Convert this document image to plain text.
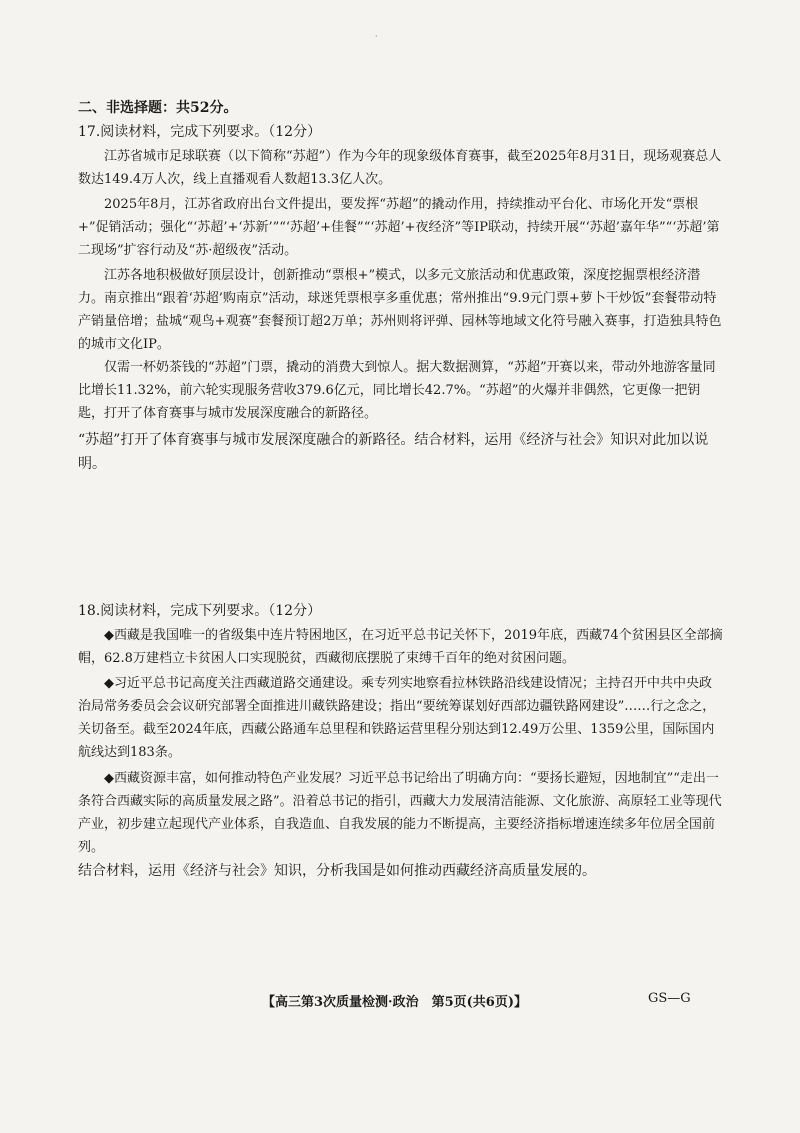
·
二、非选择题：共52分。
17.阅读材料，完成下列要求。（12分）

江苏省城市足球联赛（以下简称“苏超”）作为今年的现象级体育赛事，截至2025年8月31日，现场观赛总人数达149.4万人次，线上直播观看人数超13.3亿人次。

2025年8月，江苏省政府出台文件提出，要发挥“苏超”的撬动作用，持续推动平台化、市场化开发“票根+”促销活动；强化“‘苏超’+‘苏新’”“‘苏超’+佳餐”“‘苏超’+夜经济”等IP联动，持续开展“‘苏超’嘉年华”“‘苏超’第二现场”扩容行动及“苏·超级夜”活动。

江苏各地积极做好顶层设计，创新推动“票根+”模式，以多元文旅活动和优惠政策，深度挖掘票根经济潜力。南京推出“跟着‘苏超’购南京”活动，球迷凭票根享多重优惠；常州推出“9.9元门票+萝卜干炒饭”套餐带动特产销量倍增；盐城“观鸟+观赛”套餐预订超2万单；苏州则将评弹、园林等地域文化符号融入赛事，打造独具特色的城市文化IP。

仅需一杯奶茶钱的“苏超”门票，撬动的消费大到惊人。据大数据测算，“苏超”开赛以来，带动外地游客量同比增长11.32%，前六轮实现服务营收379.6亿元，同比增长42.7%。“苏超”的火爆并非偶然，它更像一把钥匙，打开了体育赛事与城市发展深度融合的新路径。

“苏超”打开了体育赛事与城市发展深度融合的新路径。结合材料，运用《经济与社会》知识对此加以说明。

18.阅读材料，完成下列要求。（12分）

◆西藏是我国唯一的省级集中连片特困地区，在习近平总书记关怀下，2019年底，西藏74个贫困县区全部摘帽，62.8万建档立卡贫困人口实现脱贫，西藏彻底摆脱了束缚千百年的绝对贫困问题。

◆习近平总书记高度关注西藏道路交通建设。乘专列实地察看拉林铁路沿线建设情况；主持召开中共中央政治局常务委员会会议研究部署全面推进川藏铁路建设；指出“要统筹谋划好西部边疆铁路网建设”……行之念之，关切备至。截至2024年底，西藏公路通车总里程和铁路运营里程分别达到12.49万公里、1359公里，国际国内航线达到183条。

◆西藏资源丰富，如何推动特色产业发展？习近平总书记给出了明确方向：“要扬长避短，因地制宜”“走出一条符合西藏实际的高质量发展之路”。沿着总书记的指引，西藏大力发展清洁能源、文化旅游、高原轻工业等现代产业，初步建立起现代产业体系，自我造血、自我发展的能力不断提高，主要经济指标增速连续多年位居全国前列。

结合材料，运用《经济与社会》知识，分析我国是如何推动西藏经济高质量发展的。

【高三第3次质量检测·政治　第5页(共6页)】	GS—G
